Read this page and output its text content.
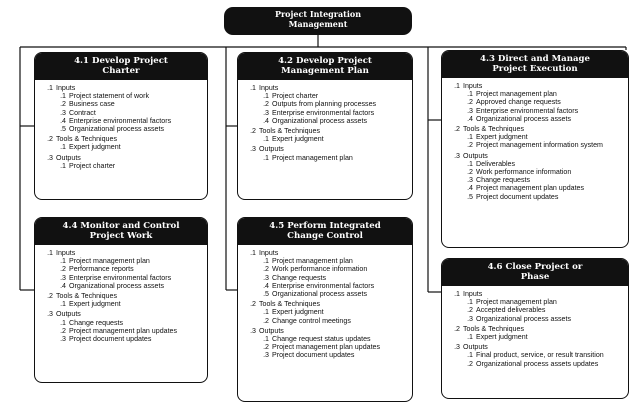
Project Integration
Management
4.1 Develop Project
Charter
.1 Inputs
.1 Project statement of work
.2 Business case
.3 Contract
.4 Enterprise environmental factors
.5 Organizational process assets
.2 Tools & Techniques
.1 Expert judgment
.3 Outputs
.1 Project charter
4.2 Develop Project
Management Plan
.1 Inputs
.1 Project charter
.2 Outputs from planning processes
.3 Enterprise environmental factors
.4 Organizational process assets
.2 Tools & Techniques
.1 Expert judgment
.3 Outputs
.1 Project management plan
4.3 Direct and Manage
Project Execution
.1 Inputs
.1 Project management plan
.2 Approved change requests
.3 Enterprise environmental factors
.4 Organizational process assets
.2 Tools & Techniques
.1 Expert judgment
.2 Project management information system
.3 Outputs
.1 Deliverables
.2 Work performance information
.3 Change requests
.4 Project management plan updates
.5 Project document updates
4.4 Monitor and Control
Project Work
.1 Inputs
.1 Project management plan
.2 Performance reports
.3 Enterprise environmental factors
.4 Organizational process assets
.2 Tools & Techniques
.1 Expert judgment
.3 Outputs
.1 Change requests
.2 Project management plan updates
.3 Project document updates
4.5 Perform Integrated
Change Control
.1 Inputs
.1 Project management plan
.2 Work performance information
.3 Change requests
.4 Enterprise environmental factors
.5 Organizational process assets
.2 Tools & Techniques
.1 Expert judgment
.2 Change control meetings
.3 Outputs
.1 Change request status updates
.2 Project management plan updates
.3 Project document updates
4.6 Close Project or
Phase
.1 Inputs
.1 Project management plan
.2 Accepted deliverables
.3 Organizational process assets
.2 Tools & Techniques
.1 Expert judgment
.3 Outputs
.1 Final product, service, or result transition
.2 Organizational process assets updates
